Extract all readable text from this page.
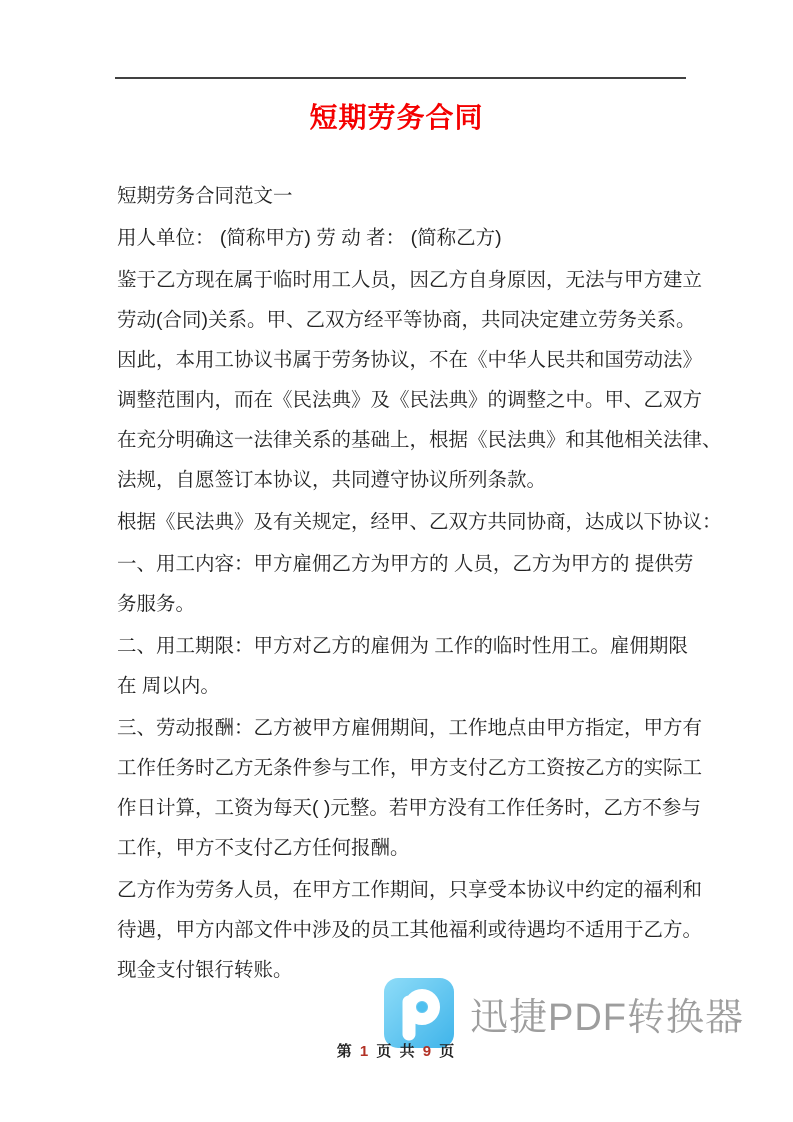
短期劳务合同
短期劳务合同范文一
用人单位： (简称甲方) 劳 动 者： (简称乙方)
鉴于乙方现在属于临时用工人员，因乙方自身原因，无法与甲方建立
劳动(合同)关系。甲、乙双方经平等协商，共同决定建立劳务关系。
因此，本用工协议书属于劳务协议，不在《中华人民共和国劳动法》
调整范围内，而在《民法典》及《民法典》的调整之中。甲、乙双方
在充分明确这一法律关系的基础上，根据《民法典》和其他相关法律、
法规，自愿签订本协议，共同遵守协议所列条款。
根据《民法典》及有关规定，经甲、乙双方共同协商，达成以下协议：
一、用工内容：甲方雇佣乙方为甲方的 人员，乙方为甲方的 提供劳
务服务。
二、用工期限：甲方对乙方的雇佣为 工作的临时性用工。雇佣期限
在 周以内。
三、劳动报酬：乙方被甲方雇佣期间，工作地点由甲方指定，甲方有
工作任务时乙方无条件参与工作，甲方支付乙方工资按乙方的实际工
作日计算，工资为每天( )元整。若甲方没有工作任务时，乙方不参与
工作，甲方不支付乙方任何报酬。
乙方作为劳务人员，在甲方工作期间，只享受本协议中约定的福利和
待遇，甲方内部文件中涉及的员工其他福利或待遇均不适用于乙方。
现金支付银行转账。
迅捷PDF转换器
第 1 页 共 9 页
